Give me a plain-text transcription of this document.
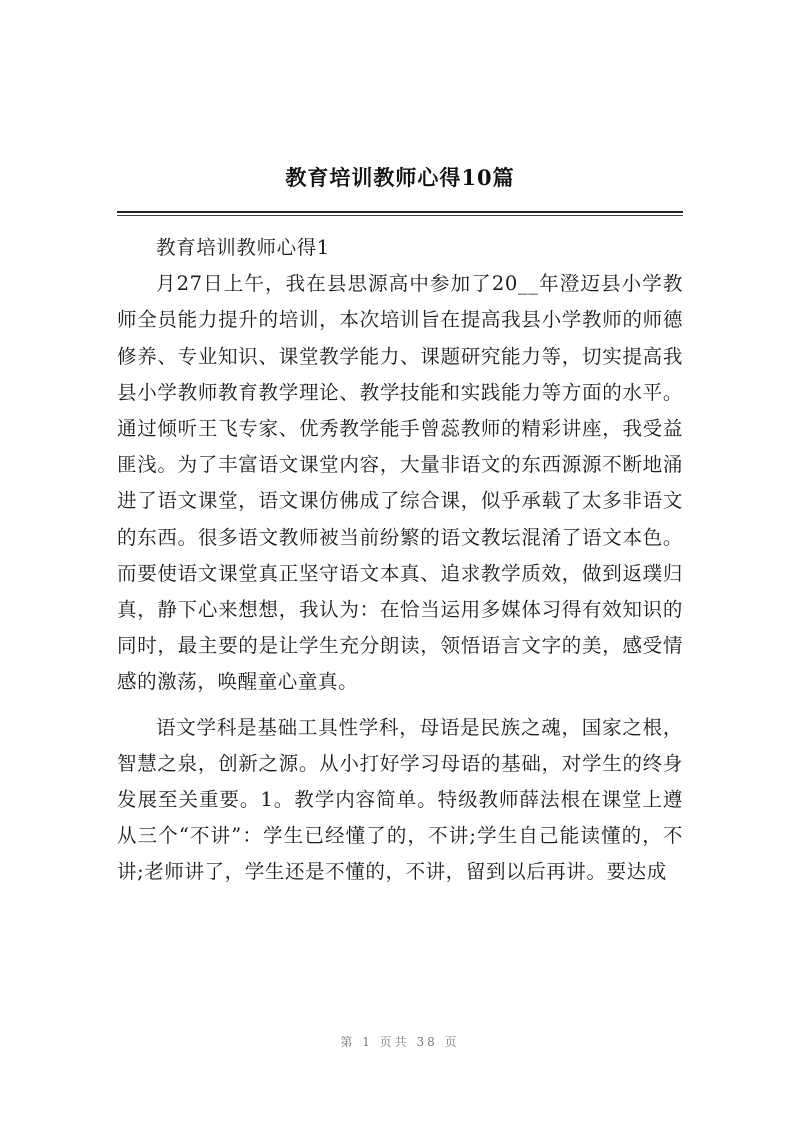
教育培训教师心得10篇

教育培训教师心得1

月27日上午，我在县思源高中参加了20__年澄迈县小学教师全员能力提升的培训，本次培训旨在提高我县小学教师的师德修养、专业知识、课堂教学能力、课题研究能力等，切实提高我县小学教师教育教学理论、教学技能和实践能力等方面的水平。通过倾听王飞专家、优秀教学能手曾蕊教师的精彩讲座，我受益匪浅。为了丰富语文课堂内容，大量非语文的东西源源不断地涌进了语文课堂，语文课仿佛成了综合课，似乎承载了太多非语文的东西。很多语文教师被当前纷繁的语文教坛混淆了语文本色。而要使语文课堂真正坚守语文本真、追求教学质效，做到返璞归真，静下心来想想，我认为：在恰当运用多媒体习得有效知识的同时，最主要的是让学生充分朗读，领悟语言文字的美，感受情感的激荡，唤醒童心童真。

语文学科是基础工具性学科，母语是民族之魂，国家之根，智慧之泉，创新之源。从小打好学习母语的基础，对学生的终身发展至关重要。1。教学内容简单。特级教师薛法根在课堂上遵从三个“不讲”：学生已经懂了的，不讲;学生自己能读懂的，不讲;老师讲了，学生还是不懂的，不讲，留到以后再讲。要达成

第 1 页共 38 页
